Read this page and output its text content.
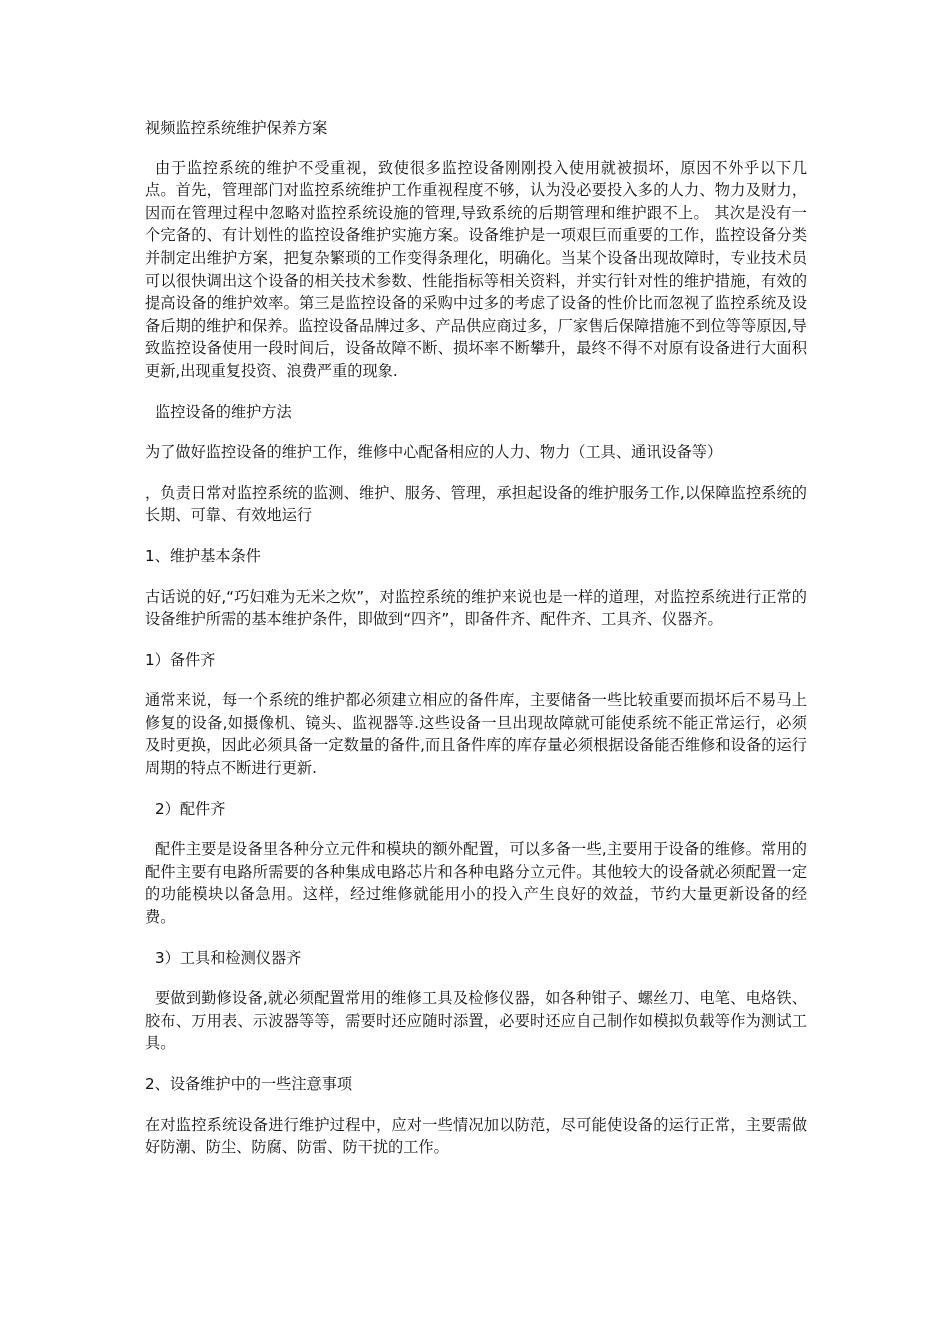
视频监控系统维护保养方案

由于监控系统的维护不受重视，致使很多监控设备刚刚投入使用就被损坏，原因不外乎以下几点。首先，管理部门对监控系统维护工作重视程度不够，认为没必要投入多的人力、物力及财力，因而在管理过程中忽略对监控系统设施的管理,导致系统的后期管理和维护跟不上。 其次是没有一个完备的、有计划性的监控设备维护实施方案。设备维护是一项艰巨而重要的工作，监控设备分类并制定出维护方案，把复杂繁琐的工作变得条理化，明确化。当某个设备出现故障时，专业技术员可以很快调出这个设备的相关技术参数、性能指标等相关资料，并实行针对性的维护措施，有效的提高设备的维护效率。第三是监控设备的采购中过多的考虑了设备的性价比而忽视了监控系统及设备后期的维护和保养。监控设备品牌过多、产品供应商过多，厂家售后保障措施不到位等等原因,导致监控设备使用一段时间后，设备故障不断、损坏率不断攀升，最终不得不对原有设备进行大面积更新,出现重复投资、浪费严重的现象.

监控设备的维护方法

为了做好监控设备的维护工作，维修中心配备相应的人力、物力（工具、通讯设备等）

，负责日常对监控系统的监测、维护、服务、管理，承担起设备的维护服务工作,以保障监控系统的长期、可靠、有效地运行

1、维护基本条件

古话说的好,“巧妇难为无米之炊”，对监控系统的维护来说也是一样的道理，对监控系统进行正常的设备维护所需的基本维护条件，即做到“四齐”，即备件齐、配件齐、工具齐、仪器齐。

1）备件齐

通常来说，每一个系统的维护都必须建立相应的备件库，主要储备一些比较重要而损坏后不易马上修复的设备,如摄像机、镜头、监视器等.这些设备一旦出现故障就可能使系统不能正常运行，必须及时更换，因此必须具备一定数量的备件,而且备件库的库存量必须根据设备能否维修和设备的运行周期的特点不断进行更新.

2）配件齐

配件主要是设备里各种分立元件和模块的额外配置，可以多备一些,主要用于设备的维修。常用的配件主要有电路所需要的各种集成电路芯片和各种电路分立元件。其他较大的设备就必须配置一定的功能模块以备急用。这样，经过维修就能用小的投入产生良好的效益，节约大量更新设备的经费。

3）工具和检测仪器齐

要做到勤修设备,就必须配置常用的维修工具及检修仪器，如各种钳子、螺丝刀、电笔、电烙铁、胶布、万用表、示波器等等，需要时还应随时添置，必要时还应自己制作如模拟负载等作为测试工具。

2、设备维护中的一些注意事项

在对监控系统设备进行维护过程中，应对一些情况加以防范，尽可能使设备的运行正常，主要需做好防潮、防尘、防腐、防雷、防干扰的工作。
